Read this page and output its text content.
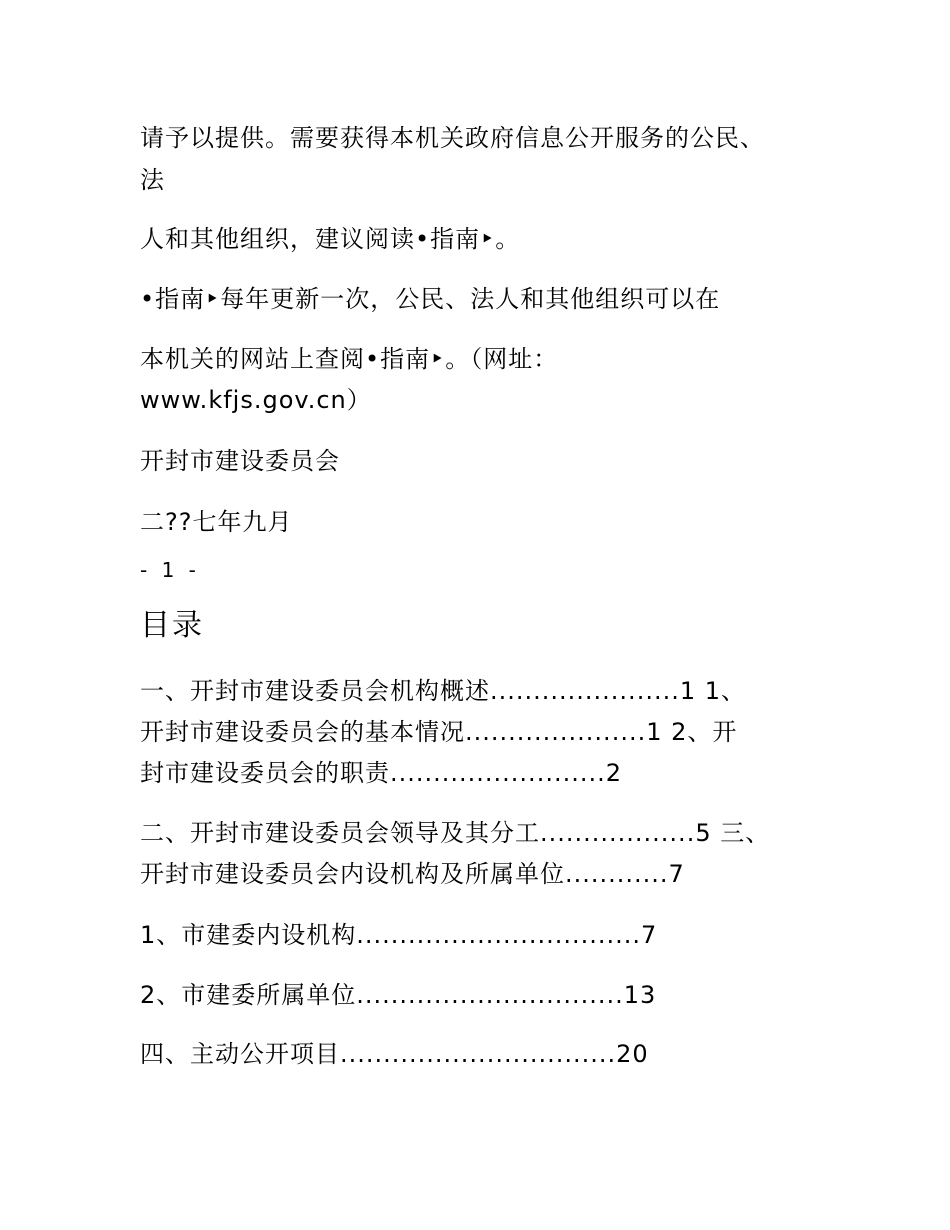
请予以提供。需要获得本机关政府信息公开服务的公民、
法
人和其他组织，建议阅读•指南‣。
•指南‣每年更新一次，公民、法人和其他组织可以在
本机关的网站上查阅•指南‣。（网址：
www.kfjs.gov.cn）
开封市建设委员会
二??七年九月
- 1 -
目录
一、开封市建设委员会机构概述......................1 1、
开封市建设委员会的基本情况.....................1 2、开
封市建设委员会的职责.........................2
二、开封市建设委员会领导及其分工..................5 三、
开封市建设委员会内设机构及所属单位............7
1、市建委内设机构.................................7
2、市建委所属单位...............................13
四、主动公开项目................................20
